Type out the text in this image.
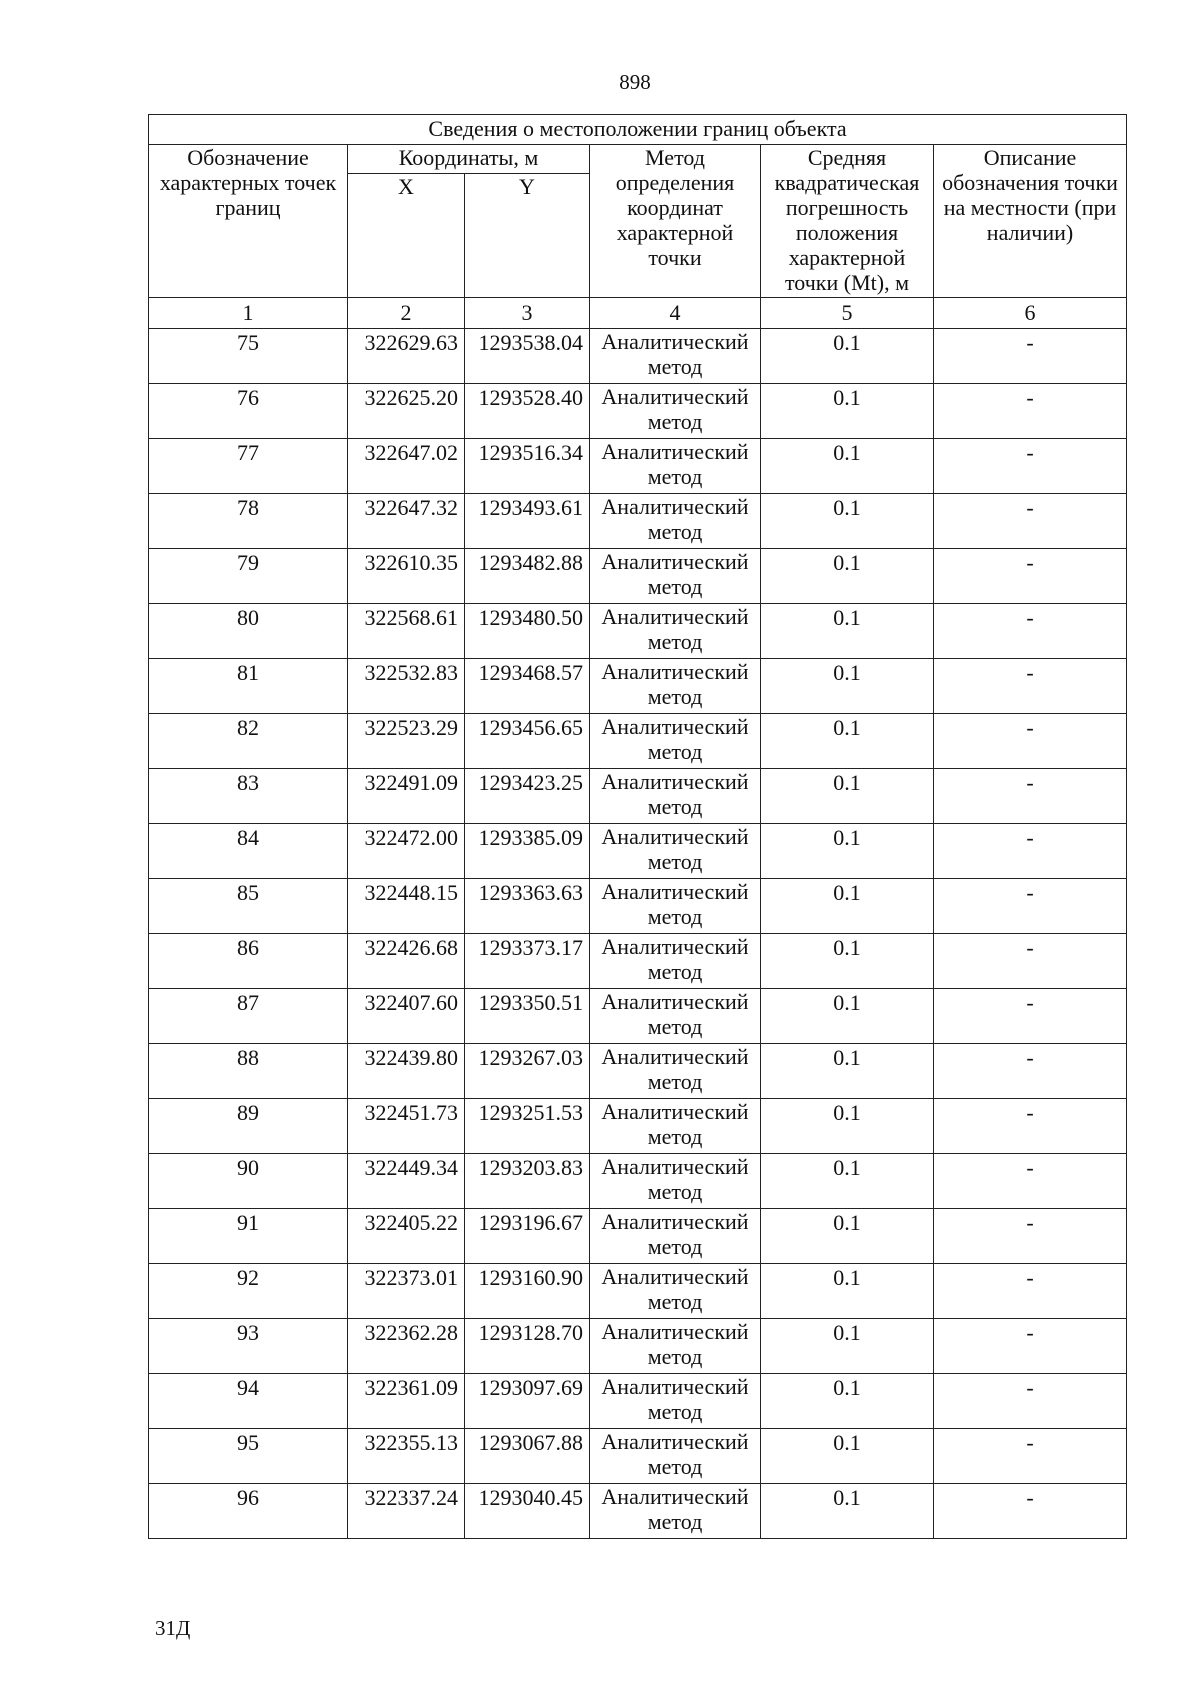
898
Сведения о местоположении границ объекта					
Обозначение характерных точек границ	Координаты, м		Метод определения координат характерной точки	Средняя квадратическая погрешность положения характерной точки (Mt), м	Описание обозначения точки на местности (при наличии)
	X	Y			
1	2	3	4	5	6
75	322629.63	1293538.04	Аналитический метод	0.1	-
76	322625.20	1293528.40	Аналитический метод	0.1	-
77	322647.02	1293516.34	Аналитический метод	0.1	-
78	322647.32	1293493.61	Аналитический метод	0.1	-
79	322610.35	1293482.88	Аналитический метод	0.1	-
80	322568.61	1293480.50	Аналитический метод	0.1	-
81	322532.83	1293468.57	Аналитический метод	0.1	-
82	322523.29	1293456.65	Аналитический метод	0.1	-
83	322491.09	1293423.25	Аналитический метод	0.1	-
84	322472.00	1293385.09	Аналитический метод	0.1	-
85	322448.15	1293363.63	Аналитический метод	0.1	-
86	322426.68	1293373.17	Аналитический метод	0.1	-
87	322407.60	1293350.51	Аналитический метод	0.1	-
88	322439.80	1293267.03	Аналитический метод	0.1	-
89	322451.73	1293251.53	Аналитический метод	0.1	-
90	322449.34	1293203.83	Аналитический метод	0.1	-
91	322405.22	1293196.67	Аналитический метод	0.1	-
92	322373.01	1293160.90	Аналитический метод	0.1	-
93	322362.28	1293128.70	Аналитический метод	0.1	-
94	322361.09	1293097.69	Аналитический метод	0.1	-
95	322355.13	1293067.88	Аналитический метод	0.1	-
96	322337.24	1293040.45	Аналитический метод	0.1	-
31Д
